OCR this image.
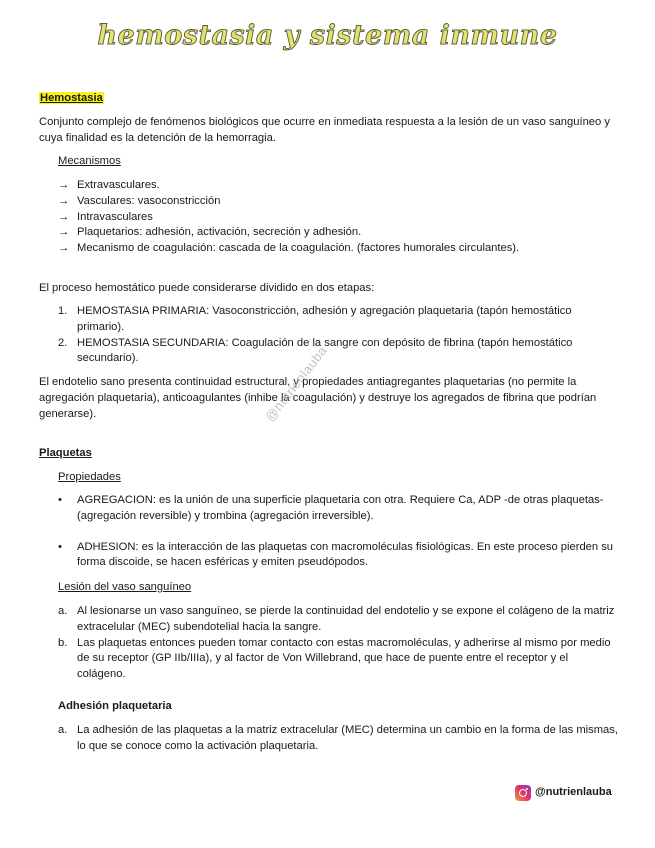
hemostasia y sistema inmune
Hemostasia
Conjunto complejo de fenómenos biológicos que ocurre en inmediata respuesta a la lesión de un vaso sanguíneo y cuya finalidad es la detención de la hemorragia.
Mecanismos
→ Extravasculares.
→ Vasculares: vasoconstricción
→ Intravasculares
→ Plaquetarios: adhesión, activación, secreción y adhesión.
→ Mecanismo de coagulación: cascada de la coagulación. (factores humorales circulantes).
El proceso hemostático puede considerarse dividido en dos etapas:
1. HEMOSTASIA PRIMARIA: Vasoconstricción, adhesión y agregación plaquetaria (tapón hemostático primario).
2. HEMOSTASIA SECUNDARIA: Coagulación de la sangre con depósito de fibrina (tapón hemostático secundario).
El endotelio sano presenta continuidad estructural, y propiedades antiagregantes plaquetarias (no permite la agregación plaquetaria), anticoagulantes (inhibe la coagulación) y destruye los agregados de fibrina que podrían generarse).	@nutrienlauba
Plaquetas
Propiedades
• AGREGACION: es la unión de una superficie plaquetaria con otra. Requiere Ca, ADP -de otras plaquetas- (agregación reversible) y trombina (agregación irreversible).
• ADHESION: es la interacción de las plaquetas con macromoléculas fisiológicas. En este proceso pierden su forma discoide, se hacen esféricas y emiten pseudópodos.
Lesión del vaso sanguíneo
a. Al lesionarse un vaso sanguíneo, se pierde la continuidad del endotelio y se expone el colágeno de la matriz extracelular (MEC) subendotelial hacia la sangre.
b. Las plaquetas entonces pueden tomar contacto con estas macromoléculas, y adherirse al mismo por medio de su receptor (GP IIb/IIIa), y al factor de Von Willebrand, que hace de puente entre el receptor y el colágeno.
Adhesión plaquetaria
a. La adhesión de las plaquetas a la matriz extracelular (MEC) determina un cambio en la forma de las mismas, lo que se conoce como la activación plaquetaria.
@nutrienlauba
